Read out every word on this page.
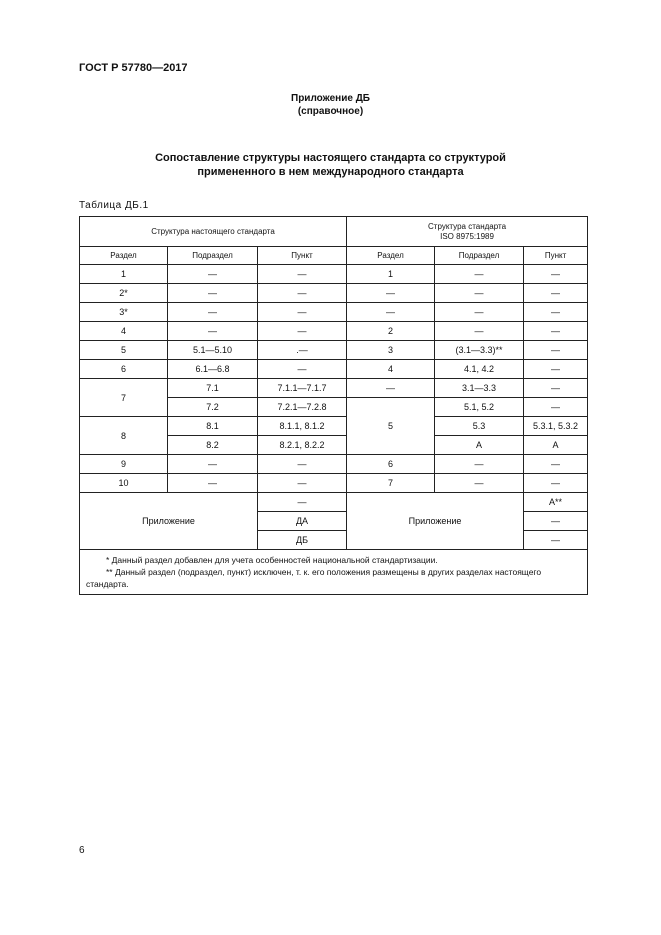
ГОСТ Р 57780—2017
Приложение ДБ
(справочное)
Сопоставление структуры настоящего стандарта со структурой
примененного в нем международного стандарта
Таблица ДБ.1
Структура настоящего стандарта			Структура стандарта
ISO 8975:1989		

Раздел	Подраздел	Пункт	Раздел	Подраздел	Пункт
1	—	—	1	—	—
2*	—	—	—	—	—
3*	—	—	—	—	—
4	—	—	2	—	—
5	5.1—5.10	.—	3	(3.1—3.3)**	—
6	6.1—6.8	—	4	4.1, 4.2	—
7	7.1	7.1.1—7.1.7	—	3.1—3.3	—
	7.2	7.2.1—7.2.8	5	5.1, 5.2	—
8	8.1	8.1.1, 8.1.2		5.3	5.3.1, 5.3.2
	8.2	8.2.1, 8.2.2		A	A
9	—	—	6	—	—
10	—	—	7	—	—
Приложение		—	Приложение		A**
		ДА			—
		ДБ			—

* Данный раздел добавлен для учета особенностей национальной стандартизации.
** Данный раздел (подраздел, пункт) исключен, т. к. его положения размещены в других разделах настоящего стандарта.					
6
